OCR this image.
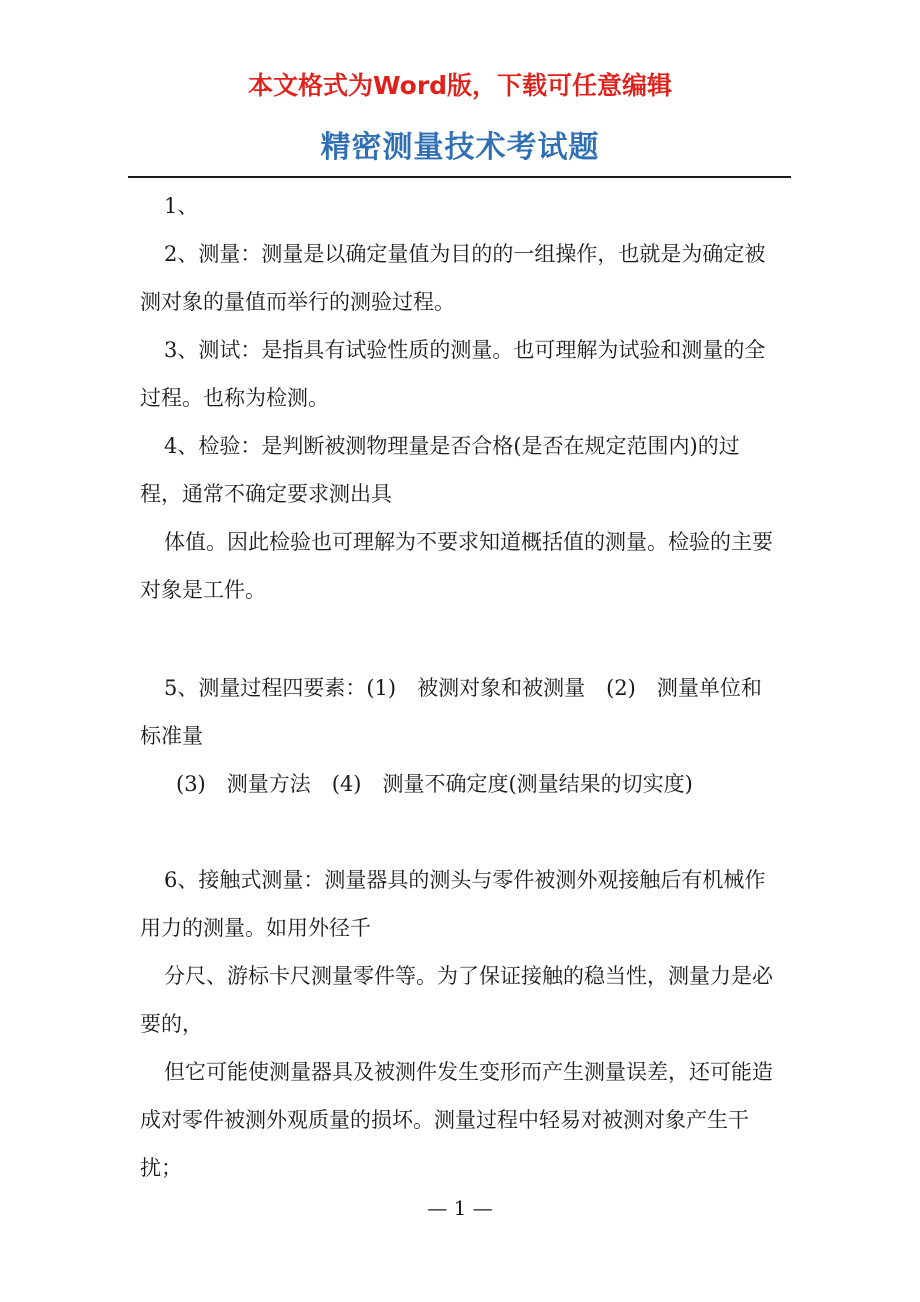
本文格式为Word版，下载可任意编辑
精密测量技术考试题

1、

2、测量：测量是以确定量值为目的的一组操作，也就是为确定被测对象的量值而举行的测验过程。

3、测试：是指具有试验性质的测量。也可理解为试验和测量的全过程。也称为检测。

4、检验：是判断被测物理量是否合格(是否在规定范围内)的过程，通常不确定要求测出具

体值。因此检验也可理解为不要求知道概括值的测量。检验的主要对象是工件。

5、测量过程四要素：(1)　被测对象和被测量　(2)　测量单位和标准量

(3)　测量方法　(4)　测量不确定度(测量结果的切实度)

6、接触式测量：测量器具的测头与零件被测外观接触后有机械作用力的测量。如用外径千

分尺、游标卡尺测量零件等。为了保证接触的稳当性，测量力是必要的，

但它可能使测量器具及被测件发生变形而产生测量误差，还可能造成对零件被测外观质量的损坏。测量过程中轻易对被测对象产生干扰；

— 1 —
